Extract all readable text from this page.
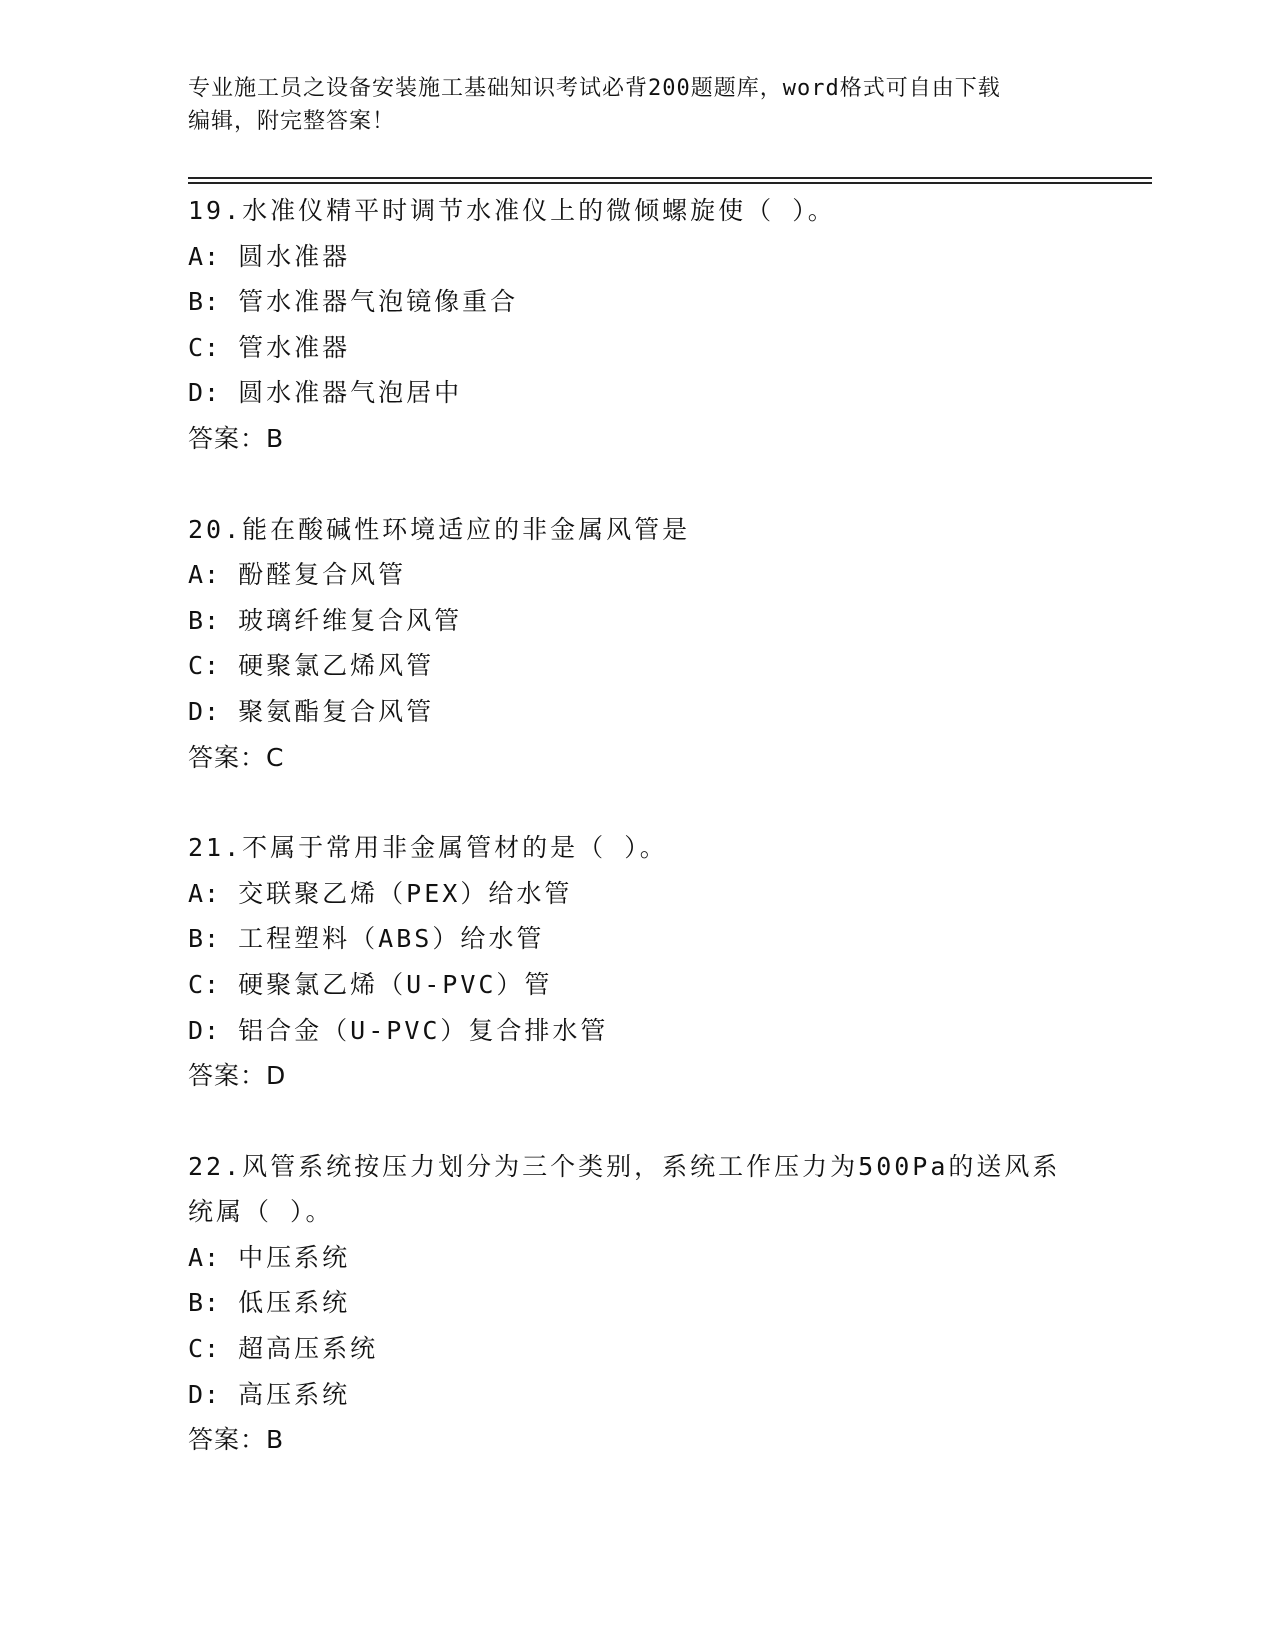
专业施工员之设备安装施工基础知识考试必背200题题库，word格式可自由下载
编辑，附完整答案！
19.水准仪精平时调节水准仪上的微倾螺旋使（ ）。
A: 圆水准器
B: 管水准器气泡镜像重合
C: 管水准器
D: 圆水准器气泡居中
答案：B
20.能在酸碱性环境适应的非金属风管是
A: 酚醛复合风管
B: 玻璃纤维复合风管
C: 硬聚氯乙烯风管
D: 聚氨酯复合风管
答案：C
21.不属于常用非金属管材的是（ ）。
A: 交联聚乙烯（PEX）给水管
B: 工程塑料（ABS）给水管
C: 硬聚氯乙烯（U-PVC）管
D: 铝合金（U-PVC）复合排水管
答案：D
22.风管系统按压力划分为三个类别，系统工作压力为500Pa的送风系统属（ ）。
A: 中压系统
B: 低压系统
C: 超高压系统
D: 高压系统
答案：B
